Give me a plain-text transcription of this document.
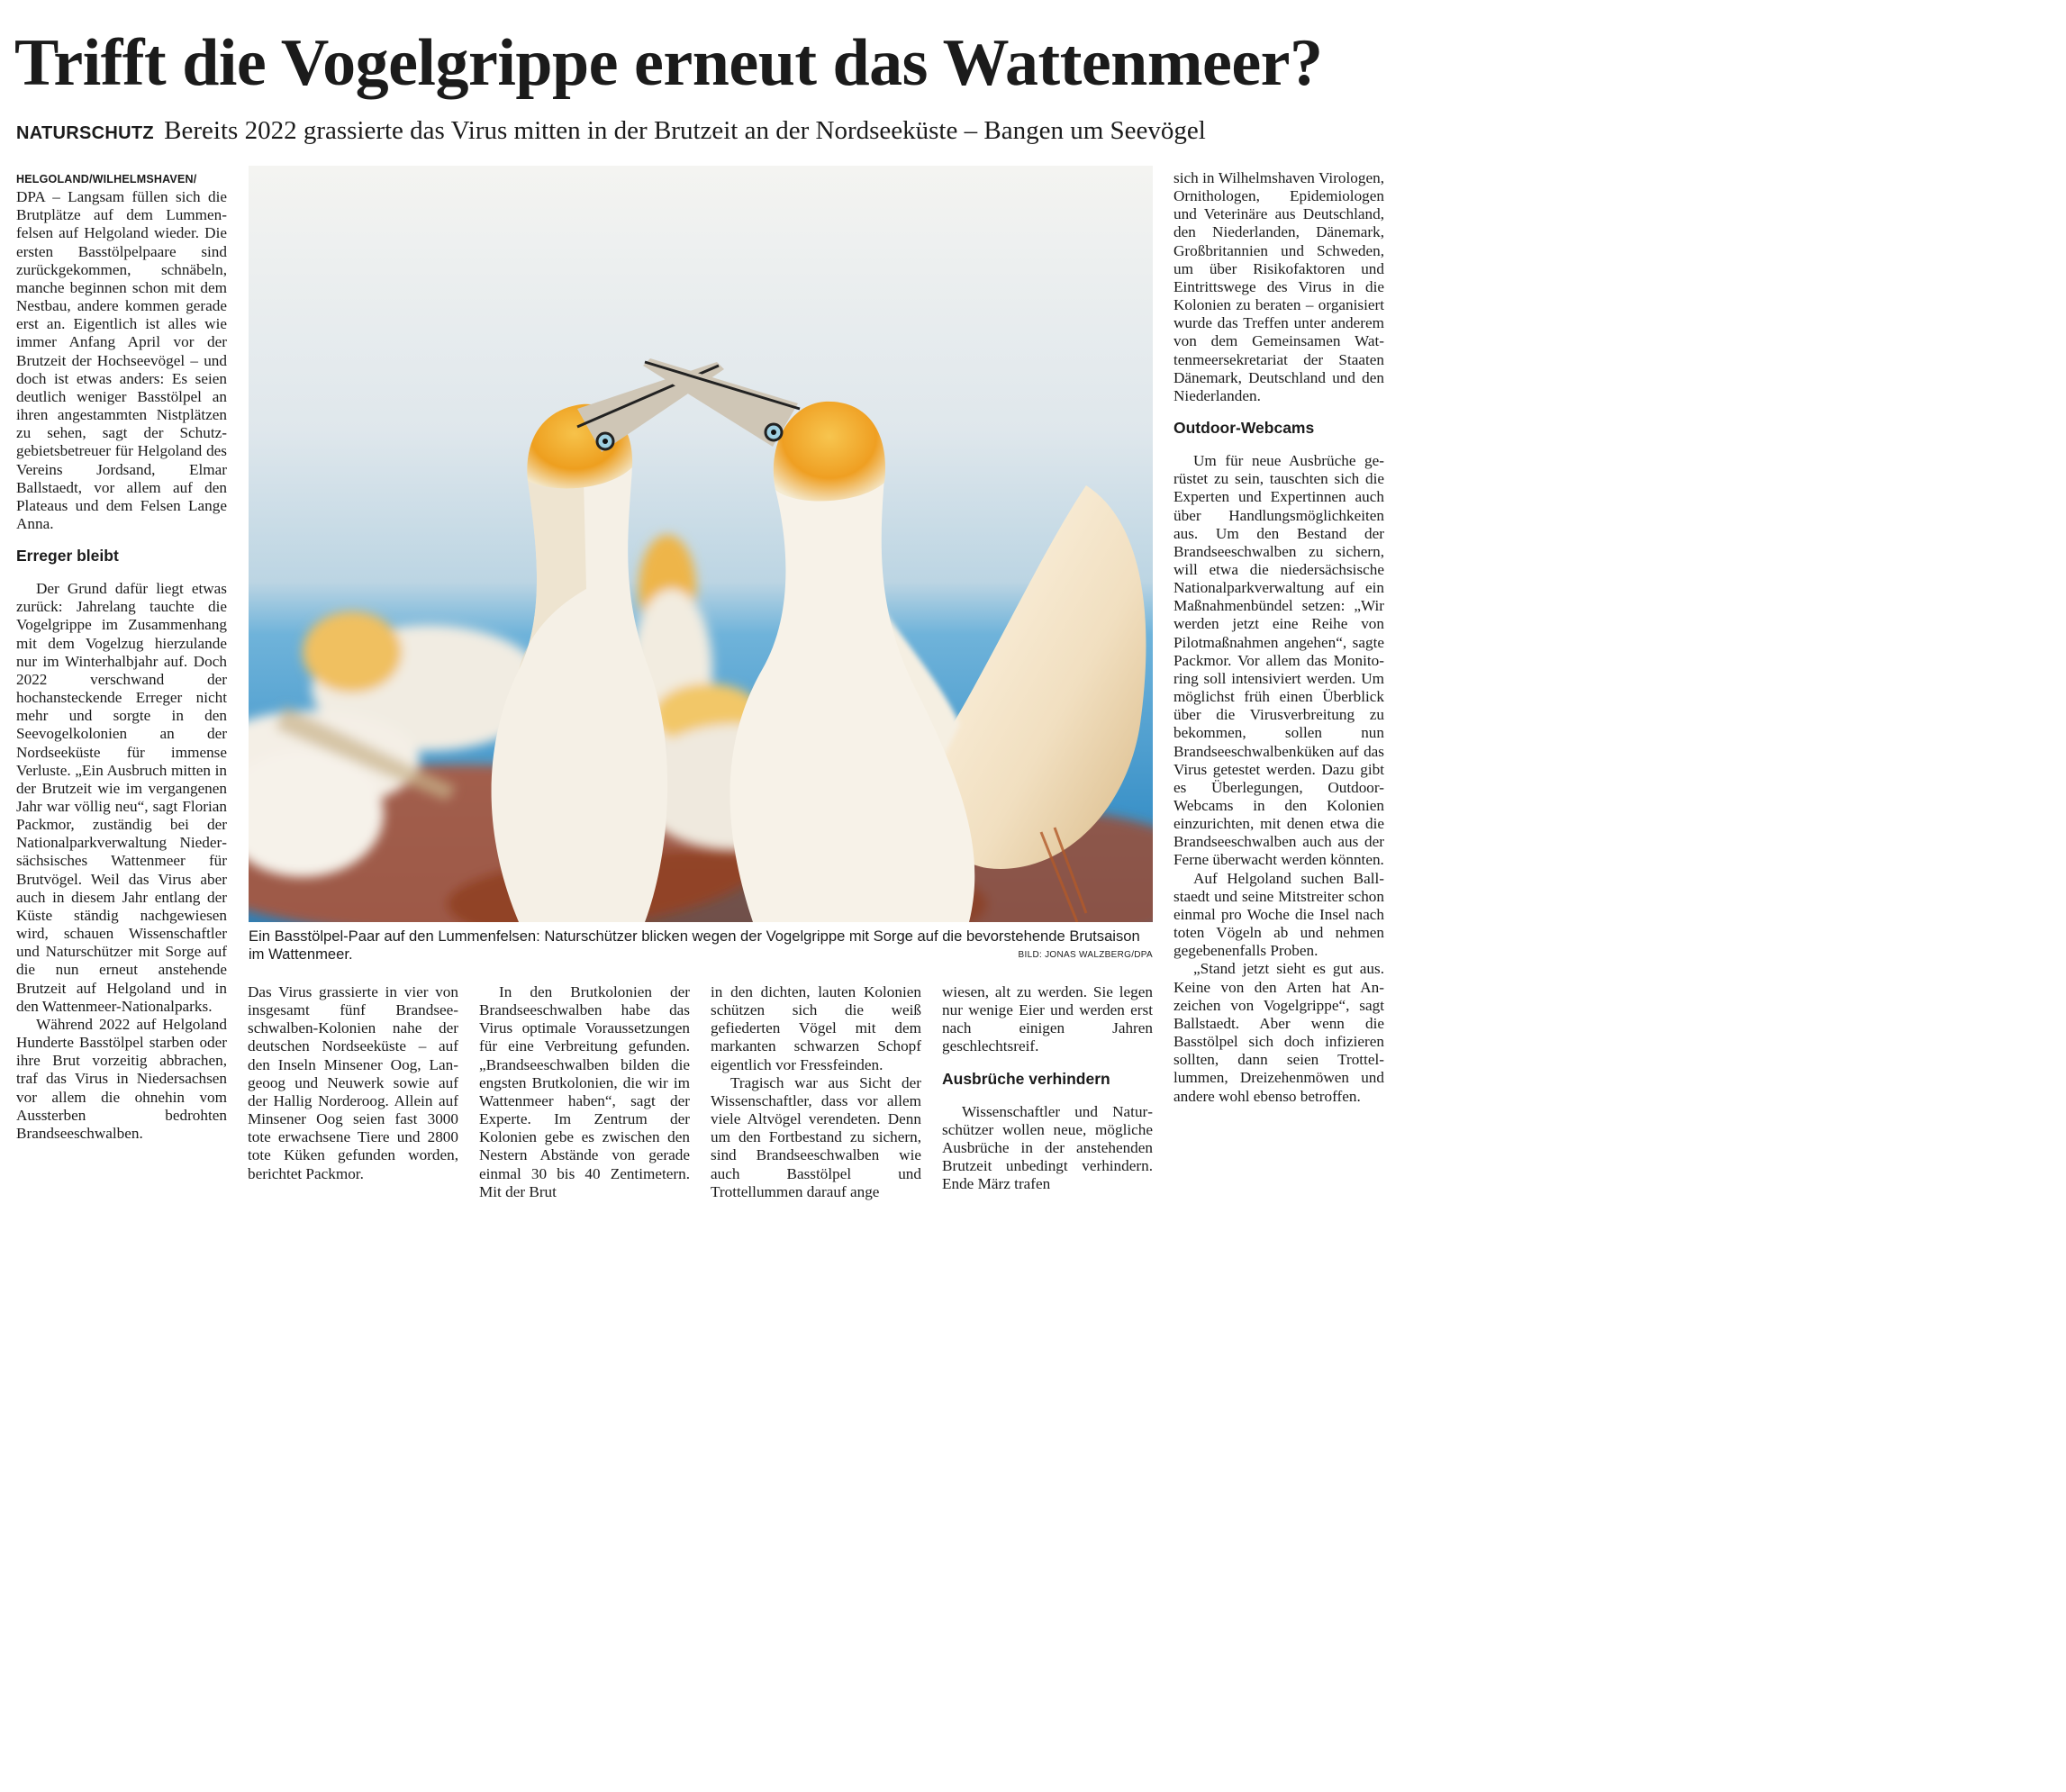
Trifft die Vogelgrippe erneut das Wattenmeer?
NATURSCHUTZ Bereits 2022 grassierte das Virus mitten in der Brutzeit an der Nordseeküste – Bangen um Seevögel

HELGOLAND/WILHELMSHAVEN/
DPA – Langsam füllen sich die Brutplätze auf dem Lummenfelsen auf Helgoland wieder. Die ersten Basstölpelpaare sind zurückgekommen, schnäbeln, manche beginnen schon mit dem Nestbau, andere kommen gerade erst an. Eigentlich ist alles wie immer Anfang April vor der Brutzeit der Hochseevögel – und doch ist etwas anders: Es seien deutlich weniger Basstölpel an ihren angestammten Nistplätzen zu sehen, sagt der Schutzgebietsbetreuer für Helgoland des Vereins Jordsand, Elmar Ballstaedt, vor allem auf den Plateaus und dem Felsen Lange Anna.

Erreger bleibt

Der Grund dafür liegt etwas zurück: Jahrelang tauchte die Vogelgrippe im Zusammenhang mit dem Vogelzug hierzulande nur im Winterhalbjahr auf. Doch 2022 verschwand der hochansteckende Erreger nicht mehr und sorgte in den Seevogelkolonien an der Nordseeküste für immense Verluste. „Ein Ausbruch mitten in der Brutzeit wie im vergangenen Jahr war völlig neu“, sagt Florian Packmor, zuständig bei der Nationalparkverwaltung Niedersächsisches Wattenmeer für Brutvögel. Weil das Virus aber auch in diesem Jahr entlang der Küste ständig nachgewiesen wird, schauen Wissenschaftler und Naturschützer mit Sorge auf die nun erneut anstehende Brutzeit auf Helgoland und in den Wattenmeer-Nationalparks.

Während 2022 auf Helgoland Hunderte Basstölpel starben oder ihre Brut vorzeitig abbrachen, traf das Virus in Niedersachsen vor allem die ohnehin vom Aussterben bedrohten Brandseeschwalben.

Ein Basstölpel-Paar auf den Lummenfelsen: Naturschützer blicken wegen der Vogelgrippe mit Sorge auf die bevorstehende Brutsaison im Wattenmeer.	BILD: JONAS WALZBERG/DPA

Das Virus grassierte in vier von insgesamt fünf Brandseeschwalben-Kolonien nahe der deutschen Nordseeküste – auf den Inseln Minsener Oog, Langeoog und Neuwerk sowie auf der Hallig Norderoog. Allein auf Minsener Oog seien fast 3000 tote erwachsene Tiere und 2800 tote Küken gefunden worden, berichtet Packmor.

In den Brutkolonien der Brandseeschwalben habe das Virus optimale Voraussetzungen für eine Verbreitung gefunden. „Brandseeschwalben bilden die engsten Brutkolonien, die wir im Wattenmeer haben“, sagt der Experte. Im Zentrum der Kolonien gebe es zwischen den Nestern Abstände von gerade einmal 30 bis 40 Zentimetern. Mit der Brut

in den dichten, lauten Kolonien schützen sich die weiß gefiederten Vögel mit dem markanten schwarzen Schopf eigentlich vor Fressfeinden.

Tragisch war aus Sicht der Wissenschaftler, dass vor allem viele Altvögel verendeten. Denn um den Fortbestand zu sichern, sind Brandseeschwalben wie auch Basstölpel und Trottellummen darauf ange

wiesen, alt zu werden. Sie legen nur wenige Eier und werden erst nach einigen Jahren geschlechtsreif.

Ausbrüche verhindern

Wissenschaftler und Naturschützer wollen neue, mögliche Ausbrüche in der anstehenden Brutzeit unbedingt verhindern. Ende März trafen

sich in Wilhelmshaven Virologen, Ornithologen, Epidemiologen und Veterinäre aus Deutschland, den Niederlanden, Dänemark, Großbritannien und Schweden, um über Risikofaktoren und Eintrittswege des Virus in die Kolonien zu beraten – organisiert wurde das Treffen unter anderem von dem Gemeinsamen Wattenmeersekretariat der Staaten Dänemark, Deutschland und den Niederlanden.

Outdoor-Webcams

Um für neue Ausbrüche gerüstet zu sein, tauschten sich die Experten und Expertinnen auch über Handlungsmöglichkeiten aus. Um den Bestand der Brandseeschwalben zu sichern, will etwa die niedersächsische Nationalparkverwaltung auf ein Maßnahmenbündel setzen: „Wir werden jetzt eine Reihe von Pilotmaßnahmen angehen“, sagte Packmor. Vor allem das Monitoring soll intensiviert werden. Um möglichst früh einen Überblick über die Virusverbreitung zu bekommen, sollen nun Brandseeschwalbenküken auf das Virus getestet werden. Dazu gibt es Überlegungen, Outdoor-Webcams in den Kolonien einzurichten, mit denen etwa die Brandseeschwalben auch aus der Ferne überwacht werden könnten.

Auf Helgoland suchen Ballstaedt und seine Mitstreiter schon einmal pro Woche die Insel nach toten Vögeln ab und nehmen gegebenenfalls Proben.

„Stand jetzt sieht es gut aus. Keine von den Arten hat Anzeichen von Vogelgrippe“, sagt Ballstaedt. Aber wenn die Basstölpel sich doch infizieren sollten, dann seien Trottellummen, Dreizehenmöwen und andere wohl ebenso betroffen.
